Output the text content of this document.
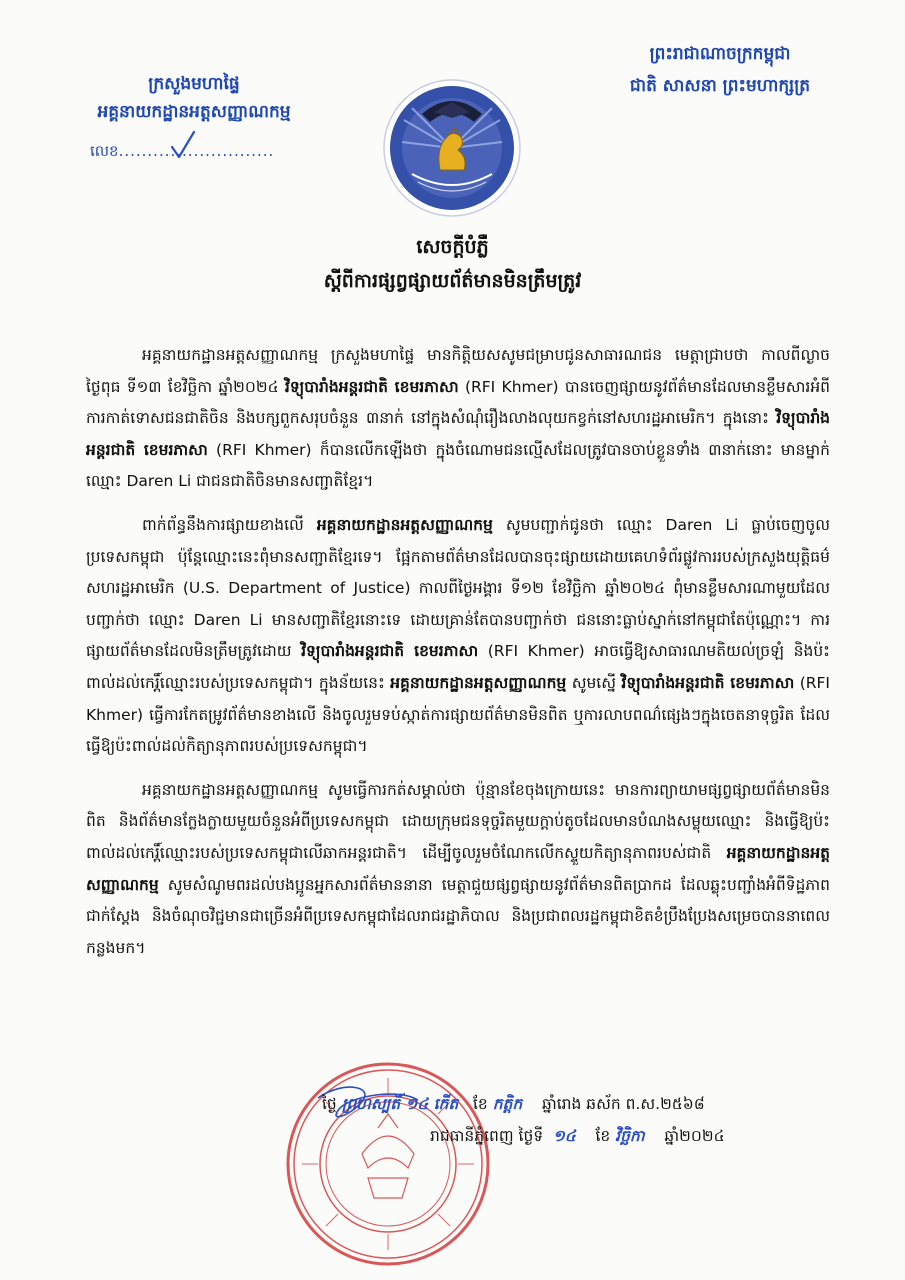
ក្រសួងមហាផ្ទៃ
អគ្គនាយកដ្ឋានអត្តសញ្ញាណកម្ម
លេខ...........................
ព្រះរាជាណាចក្រកម្ពុជា
ជាតិ សាសនា ព្រះមហាក្សត្រ
សេចក្តីបំភ្លឺ
ស្តីពីការផ្សព្វផ្សាយព័ត៌មានមិនត្រឹមត្រូវ

អគ្គនាយកដ្ឋានអត្តសញ្ញាណកម្ម ក្រសួងមហាផ្ទៃ មានកិត្តិយសសូមជម្រាបជូនសាធារណជន មេត្តាជ្រាបថា កាលពីល្ងាចថ្ងៃពុធ ទី១៣ ខែវិច្ឆិកា ឆ្នាំ២០២៤ វិទ្យុបារាំងអន្តរជាតិ ខេមរភាសា (RFI Khmer) បានចេញផ្សាយនូវព័ត៌មានដែលមានខ្លឹមសារអំពីការកាត់ទោសជនជាតិចិន និងបក្សពួកសរុបចំនួន ៣នាក់ នៅក្នុងសំណុំរឿងលាងលុយកខ្វក់នៅសហរដ្ឋអាមេរិក។ ក្នុងនោះ វិទ្យុបារាំងអន្តរជាតិ ខេមរភាសា (RFI Khmer) ក៏បានលើកឡើងថា ក្នុងចំណោមជនល្មើសដែលត្រូវបានចាប់ខ្លួនទាំង ៣នាក់នោះ មានម្នាក់ឈ្មោះ Daren Li ជាជនជាតិចិនមានសញ្ជាតិខ្មែរ។

ពាក់ព័ន្ធនឹងការផ្សាយខាងលើ អគ្គនាយកដ្ឋានអត្តសញ្ញាណកម្ម សូមបញ្ជាក់ជូនថា ឈ្មោះ Daren Li ធ្លាប់ចេញចូលប្រទេសកម្ពុជា ប៉ុន្តែឈ្មោះនេះពុំមានសញ្ជាតិខ្មែរទេ។ ផ្អែកតាមព័ត៌មានដែលបានចុះផ្សាយដោយគេហទំព័រផ្លូវការរបស់ក្រសួងយុត្តិធម៌ សហរដ្ឋអាមេរិក (U.S. Department of Justice) កាលពីថ្ងៃអង្គារ ទី១២ ខែវិច្ឆិកា ឆ្នាំ២០២៤ ពុំមានខ្លឹមសារណាមួយដែលបញ្ជាក់ថា ឈ្មោះ Daren Li មានសញ្ជាតិខ្មែរនោះទេ ដោយគ្រាន់តែបានបញ្ជាក់ថា ជននោះធ្លាប់ស្នាក់នៅកម្ពុជាតែប៉ុណ្ណោះ។ ការផ្សាយព័ត៌មានដែលមិនត្រឹមត្រូវដោយ វិទ្យុបារាំងអន្តរជាតិ ខេមរភាសា (RFI Khmer) អាចធ្វើឱ្យសាធារណមតិយល់ច្រឡំ និងប៉ះពាល់ដល់កេរ្តិ៍ឈ្មោះរបស់ប្រទេសកម្ពុជា។ ក្នុងន័យនេះ អគ្គនាយកដ្ឋានអត្តសញ្ញាណកម្ម សូមស្នើ វិទ្យុបារាំងអន្តរជាតិ ខេមរភាសា (RFI Khmer) ធ្វើការកែតម្រូវព័ត៌មានខាងលើ និងចូលរួមទប់ស្កាត់ការផ្សាយព័ត៌មានមិនពិត ឬការលាបពណ៌ផ្សេងៗក្នុងចេតនាទុច្ចរិត ដែលធ្វើឱ្យប៉ះពាល់ដល់កិត្យានុភាពរបស់ប្រទេសកម្ពុជា។

អគ្គនាយកដ្ឋានអត្តសញ្ញាណកម្ម សូមធ្វើការកត់សម្គាល់ថា ប៉ុន្មានខែចុងក្រោយនេះ មានការព្យាយាមផ្សព្វផ្សាយព័ត៌មានមិនពិត និងព័ត៌មានក្លែងក្លាយមួយចំនួនអំពីប្រទេសកម្ពុជា ដោយក្រុមជនទុច្ចរិតមួយក្តាប់តូចដែលមានបំណងសម្លុយឈ្មោះ និងធ្វើឱ្យប៉ះពាល់ដល់កេរ្តិ៍ឈ្មោះរបស់ប្រទេសកម្ពុជាលើឆាកអន្តរជាតិ។ ដើម្បីចូលរួមចំណែកលើកស្ទួយកិត្យានុភាពរបស់ជាតិ អគ្គនាយកដ្ឋានអត្តសញ្ញាណកម្ម សូមសំណូមពរដល់បងប្អូនអ្នកសារព័ត៌មាននានា មេត្តាជួយផ្សព្វផ្សាយនូវព័ត៌មានពិតប្រាកដ ដែលឆ្លុះបញ្ជាំងអំពីទិដ្ឋភាពជាក់ស្តែង និងចំណុចវិជ្ជមានជាច្រើនអំពីប្រទេសកម្ពុជាដែលរាជរដ្ឋាភិបាល និងប្រជាពលរដ្ឋកម្ពុជាខិតខំប្រឹងប្រែងសម្រេចបាននាពេលកន្លងមក។

ថ្ងៃ ព្រហស្បតិ៍ ១៤ កើត ខែ កត្តិក ឆ្នាំរោង ឆស័ក ព.ស.២៥៦៨
រាជធានីភ្នំពេញ ថ្ងៃទី ១៤ ខែ វិច្ឆិកា ឆ្នាំ២០២៤
